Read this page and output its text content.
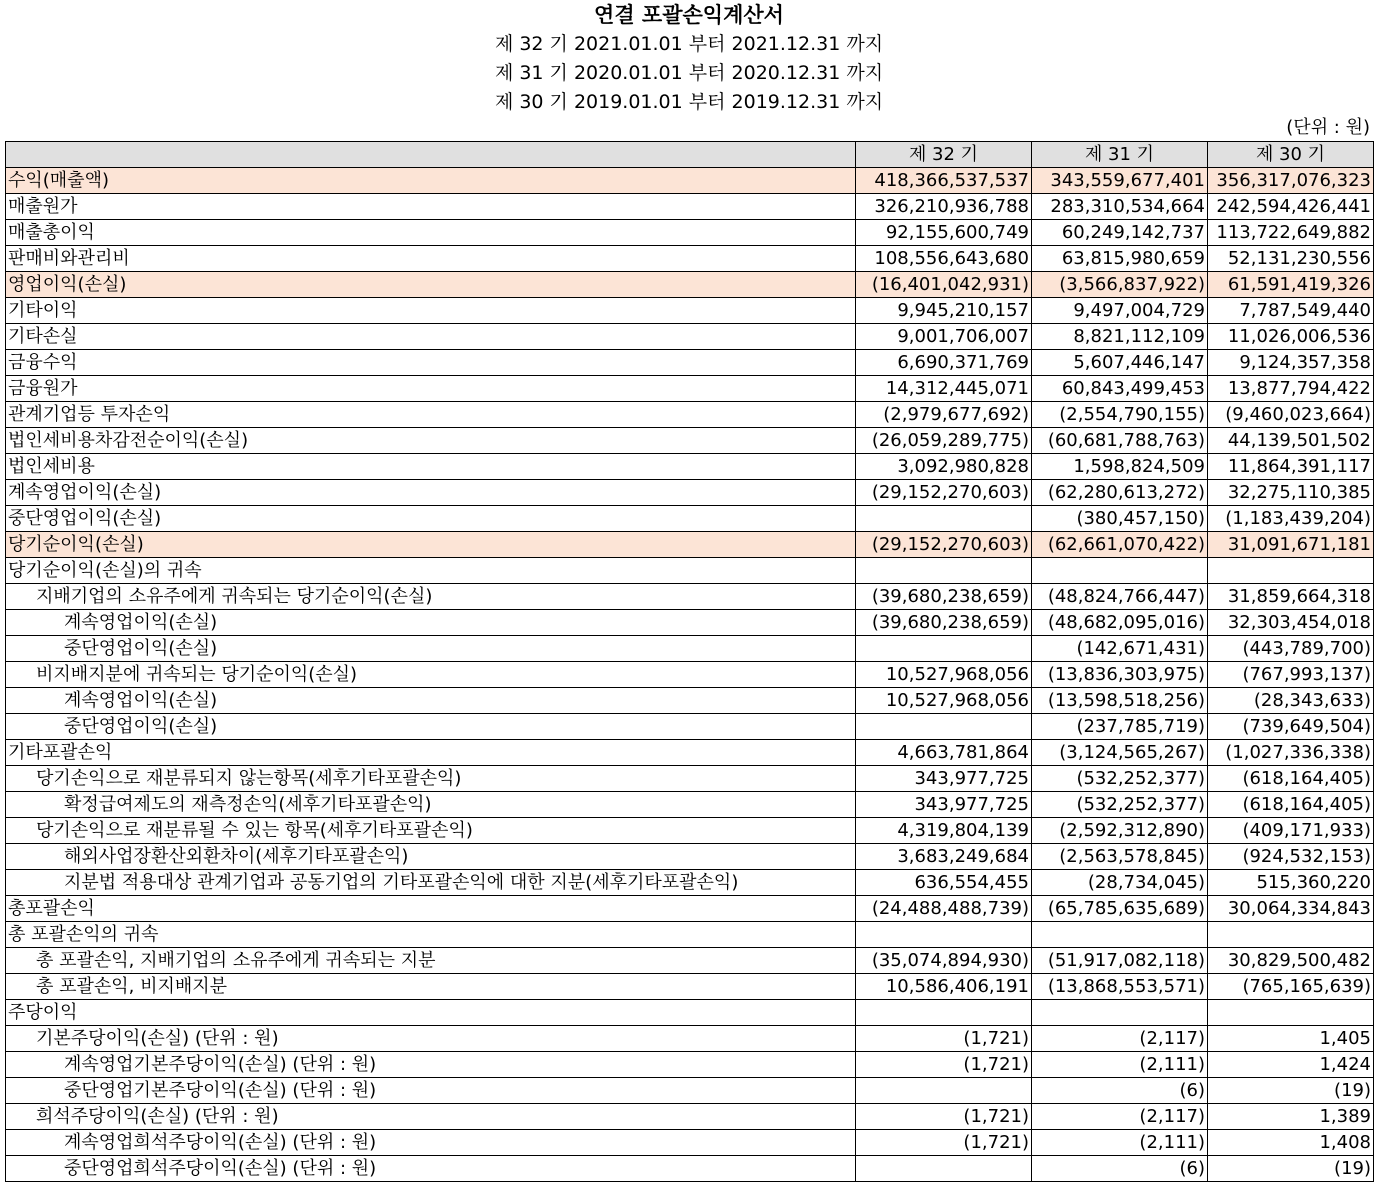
연결 포괄손익계산서
제 32 기 2021.01.01 부터 2021.12.31 까지
제 31 기 2020.01.01 부터 2020.12.31 까지
제 30 기 2019.01.01 부터 2019.12.31 까지
(단위 : 원)
	제 32 기	제 31 기	제 30 기
수익(매출액)	418,366,537,537	343,559,677,401	356,317,076,323
매출원가	326,210,936,788	283,310,534,664	242,594,426,441
매출총이익	92,155,600,749	60,249,142,737	113,722,649,882
판매비와관리비	108,556,643,680	63,815,980,659	52,131,230,556
영업이익(손실)	(16,401,042,931)	(3,566,837,922)	61,591,419,326
기타이익	9,945,210,157	9,497,004,729	7,787,549,440
기타손실	9,001,706,007	8,821,112,109	11,026,006,536
금융수익	6,690,371,769	5,607,446,147	9,124,357,358
금융원가	14,312,445,071	60,843,499,453	13,877,794,422
관계기업등 투자손익	(2,979,677,692)	(2,554,790,155)	(9,460,023,664)
법인세비용차감전순이익(손실)	(26,059,289,775)	(60,681,788,763)	44,139,501,502
법인세비용	3,092,980,828	1,598,824,509	11,864,391,117
계속영업이익(손실)	(29,152,270,603)	(62,280,613,272)	32,275,110,385
중단영업이익(손실)		(380,457,150)	(1,183,439,204)
당기순이익(손실)	(29,152,270,603)	(62,661,070,422)	31,091,671,181
당기순이익(손실)의 귀속			
지배기업의 소유주에게 귀속되는 당기순이익(손실)	(39,680,238,659)	(48,824,766,447)	31,859,664,318
계속영업이익(손실)	(39,680,238,659)	(48,682,095,016)	32,303,454,018
중단영업이익(손실)		(142,671,431)	(443,789,700)
비지배지분에 귀속되는 당기순이익(손실)	10,527,968,056	(13,836,303,975)	(767,993,137)
계속영업이익(손실)	10,527,968,056	(13,598,518,256)	(28,343,633)
중단영업이익(손실)		(237,785,719)	(739,649,504)
기타포괄손익	4,663,781,864	(3,124,565,267)	(1,027,336,338)
당기손익으로 재분류되지 않는항목(세후기타포괄손익)	343,977,725	(532,252,377)	(618,164,405)
확정급여제도의 재측정손익(세후기타포괄손익)	343,977,725	(532,252,377)	(618,164,405)
당기손익으로 재분류될 수 있는 항목(세후기타포괄손익)	4,319,804,139	(2,592,312,890)	(409,171,933)
해외사업장환산외환차이(세후기타포괄손익)	3,683,249,684	(2,563,578,845)	(924,532,153)
지분법 적용대상 관계기업과 공동기업의 기타포괄손익에 대한 지분(세후기타포괄손익)	636,554,455	(28,734,045)	515,360,220
총포괄손익	(24,488,488,739)	(65,785,635,689)	30,064,334,843
총 포괄손익의 귀속			
총 포괄손익, 지배기업의 소유주에게 귀속되는 지분	(35,074,894,930)	(51,917,082,118)	30,829,500,482
총 포괄손익, 비지배지분	10,586,406,191	(13,868,553,571)	(765,165,639)
주당이익			
기본주당이익(손실) (단위 : 원)	(1,721)	(2,117)	1,405
계속영업기본주당이익(손실) (단위 : 원)	(1,721)	(2,111)	1,424
중단영업기본주당이익(손실) (단위 : 원)		(6)	(19)
희석주당이익(손실) (단위 : 원)	(1,721)	(2,117)	1,389
계속영업희석주당이익(손실) (단위 : 원)	(1,721)	(2,111)	1,408
중단영업희석주당이익(손실) (단위 : 원)		(6)	(19)
